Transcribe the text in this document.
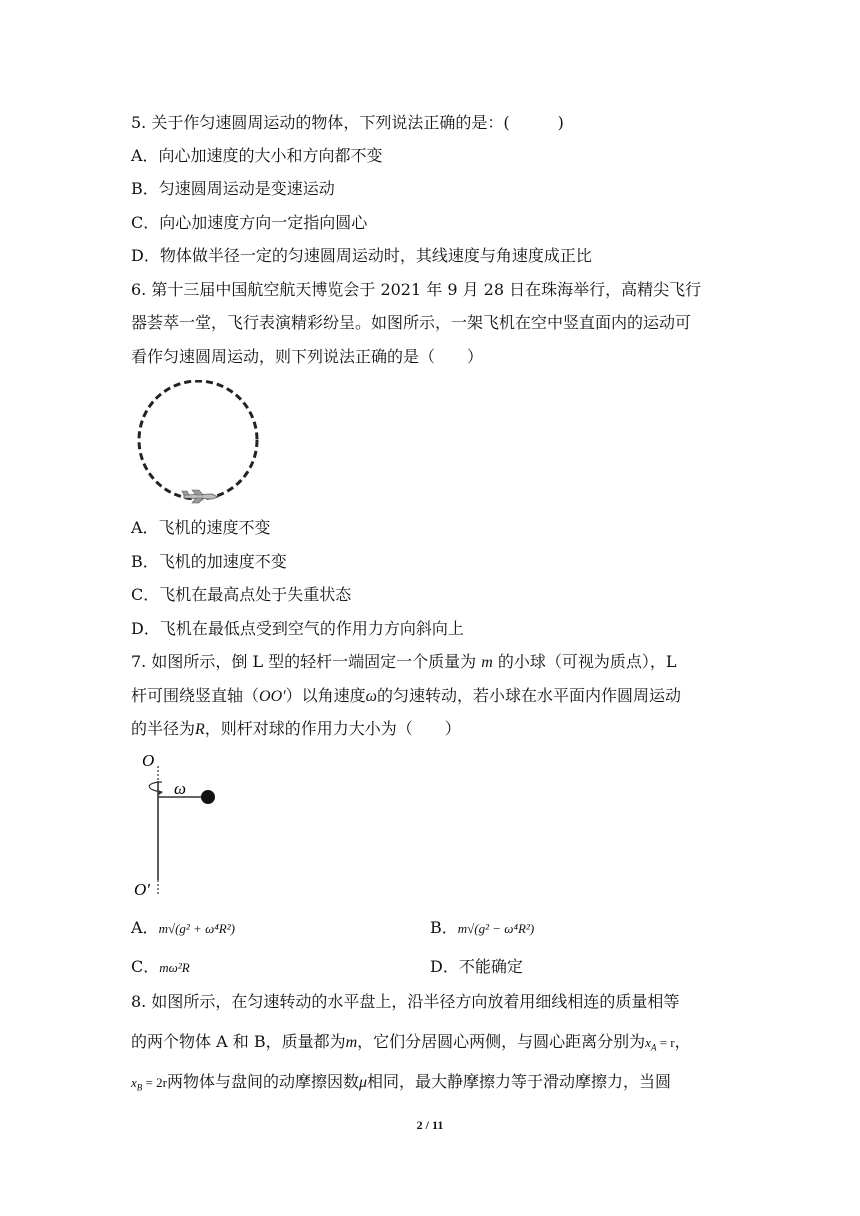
5. 关于作匀速圆周运动的物体，下列说法正确的是：(　　　)
A．向心加速度的大小和方向都不变
B．匀速圆周运动是变速运动
C．向心加速度方向一定指向圆心
D．物体做半径一定的匀速圆周运动时，其线速度与角速度成正比
6. 第十三届中国航空航天博览会于 2021 年 9 月 28 日在珠海举行，高精尖飞行
器荟萃一堂，飞行表演精彩纷呈。如图所示，一架飞机在空中竖直面内的运动可
看作匀速圆周运动，则下列说法正确的是（　　）
A．飞机的速度不变
B．飞机的加速度不变
C．飞机在最高点处于失重状态
D．飞机在最低点受到空气的作用力方向斜向上
7. 如图所示，倒 L 型的轻杆一端固定一个质量为 m 的小球（可视为质点），L
杆可围绕竖直轴（OO′）以角速度ω的匀速转动，若小球在水平面内作圆周运动
的半径为R，则杆对球的作用力大小为（　　）
O
ω
O′
A．m√(g² + ω⁴R²)	B．m√(g² − ω⁴R²)
C．mω²R	D．不能确定
8. 如图所示，在匀速转动的水平盘上，沿半径方向放着用细线相连的质量相等
的两个物体 A 和 B，质量都为m，它们分居圆心两侧，与圆心距离分别为$x_A = r$，
$x_B = 2r$两物体与盘间的动摩擦因数μ相同，最大静摩擦力等于滑动摩擦力，当圆
2 / 11
